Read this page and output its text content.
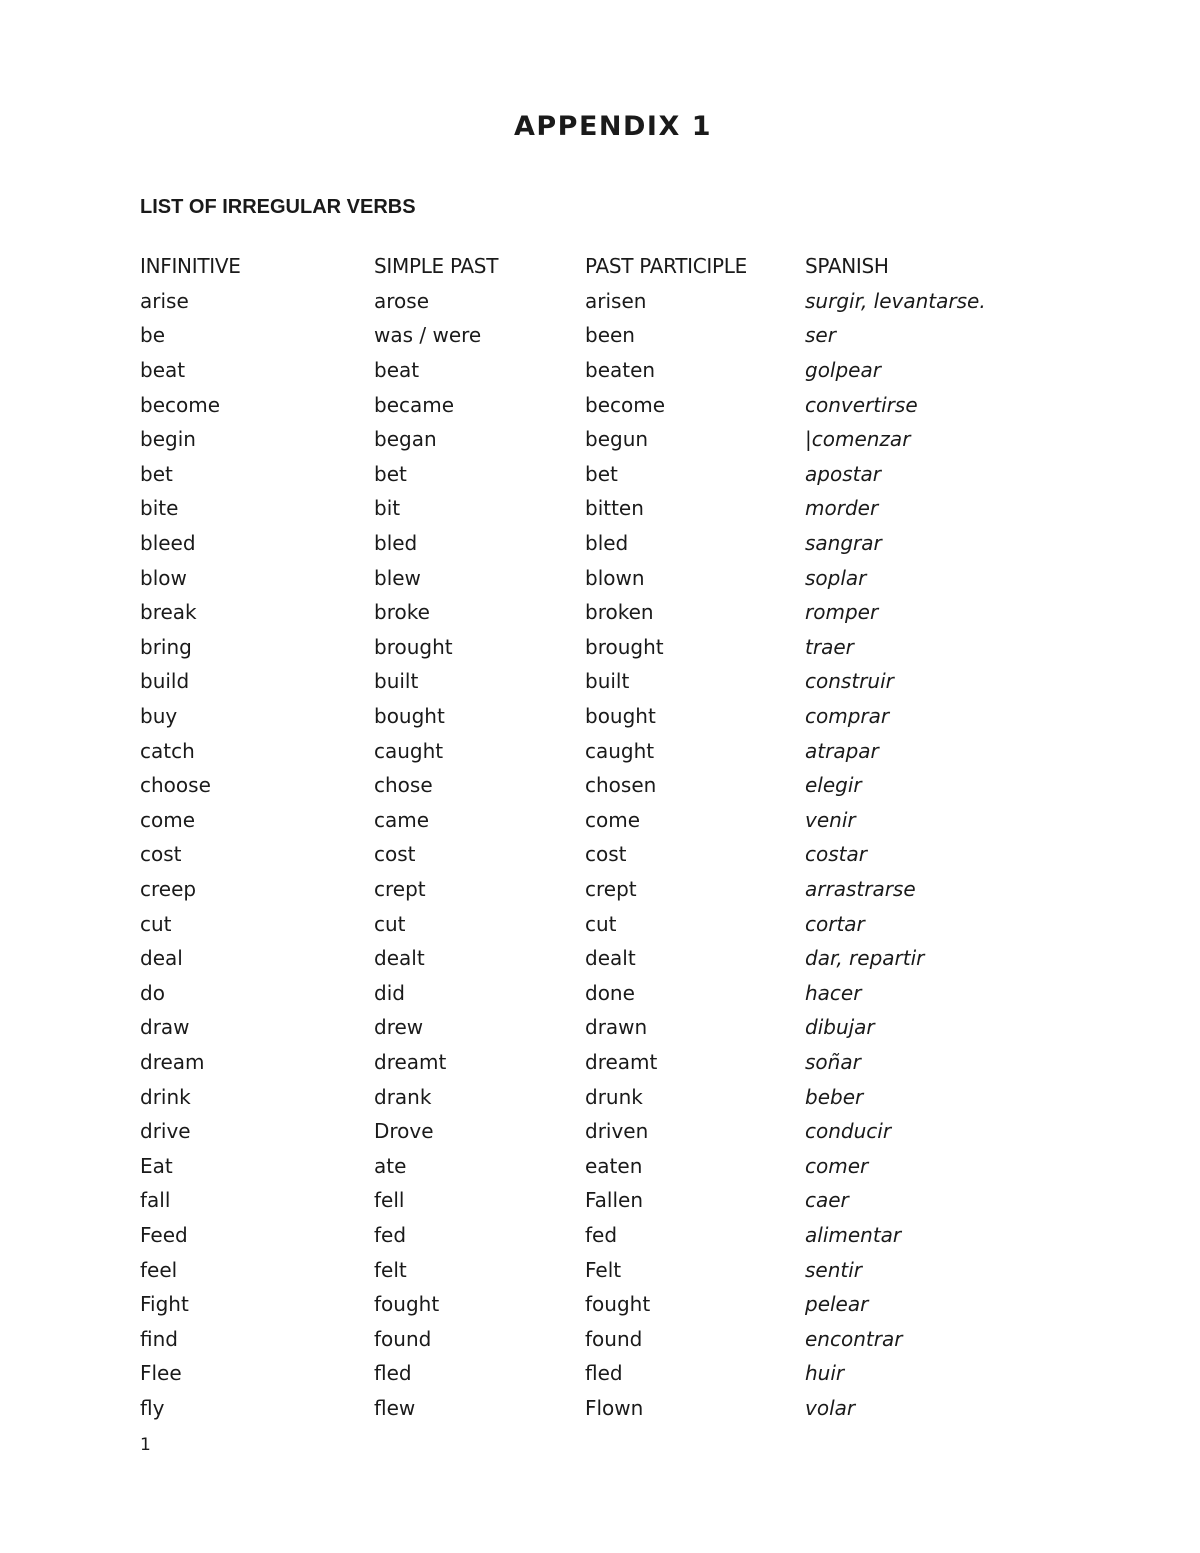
APPENDIX 1
LIST OF IRREGULAR VERBS
INFINITIVE	SIMPLE PAST	PAST PARTICIPLE	SPANISH
arise	arose	arisen	surgir, levantarse.
be	was / were	been	ser
beat	beat	beaten	golpear
become	became	become	convertirse
begin	began	begun	|comenzar
bet	bet	bet	apostar
bite	bit	bitten	morder
bleed	bled	bled	sangrar
blow	blew	blown	soplar
break	broke	broken	romper
bring	brought	brought	traer
build	built	built	construir
buy	bought	bought	comprar
catch	caught	caught	atrapar
choose	chose	chosen	elegir
come	came	come	venir
cost	cost	cost	costar
creep	crept	crept	arrastrarse
cut	cut	cut	cortar
deal	dealt	dealt	dar, repartir
do	did	done	hacer
draw	drew	drawn	dibujar
dream	dreamt	dreamt	soñar
drink	drank	drunk	beber
drive	Drove	driven	conducir
Eat	ate	eaten	comer
fall	fell	Fallen	caer
Feed	fed	fed	alimentar
feel	felt	Felt	sentir
Fight	fought	fought	pelear
find	found	found	encontrar
Flee	fled	fled	huir
fly	flew	Flown	volar
1
